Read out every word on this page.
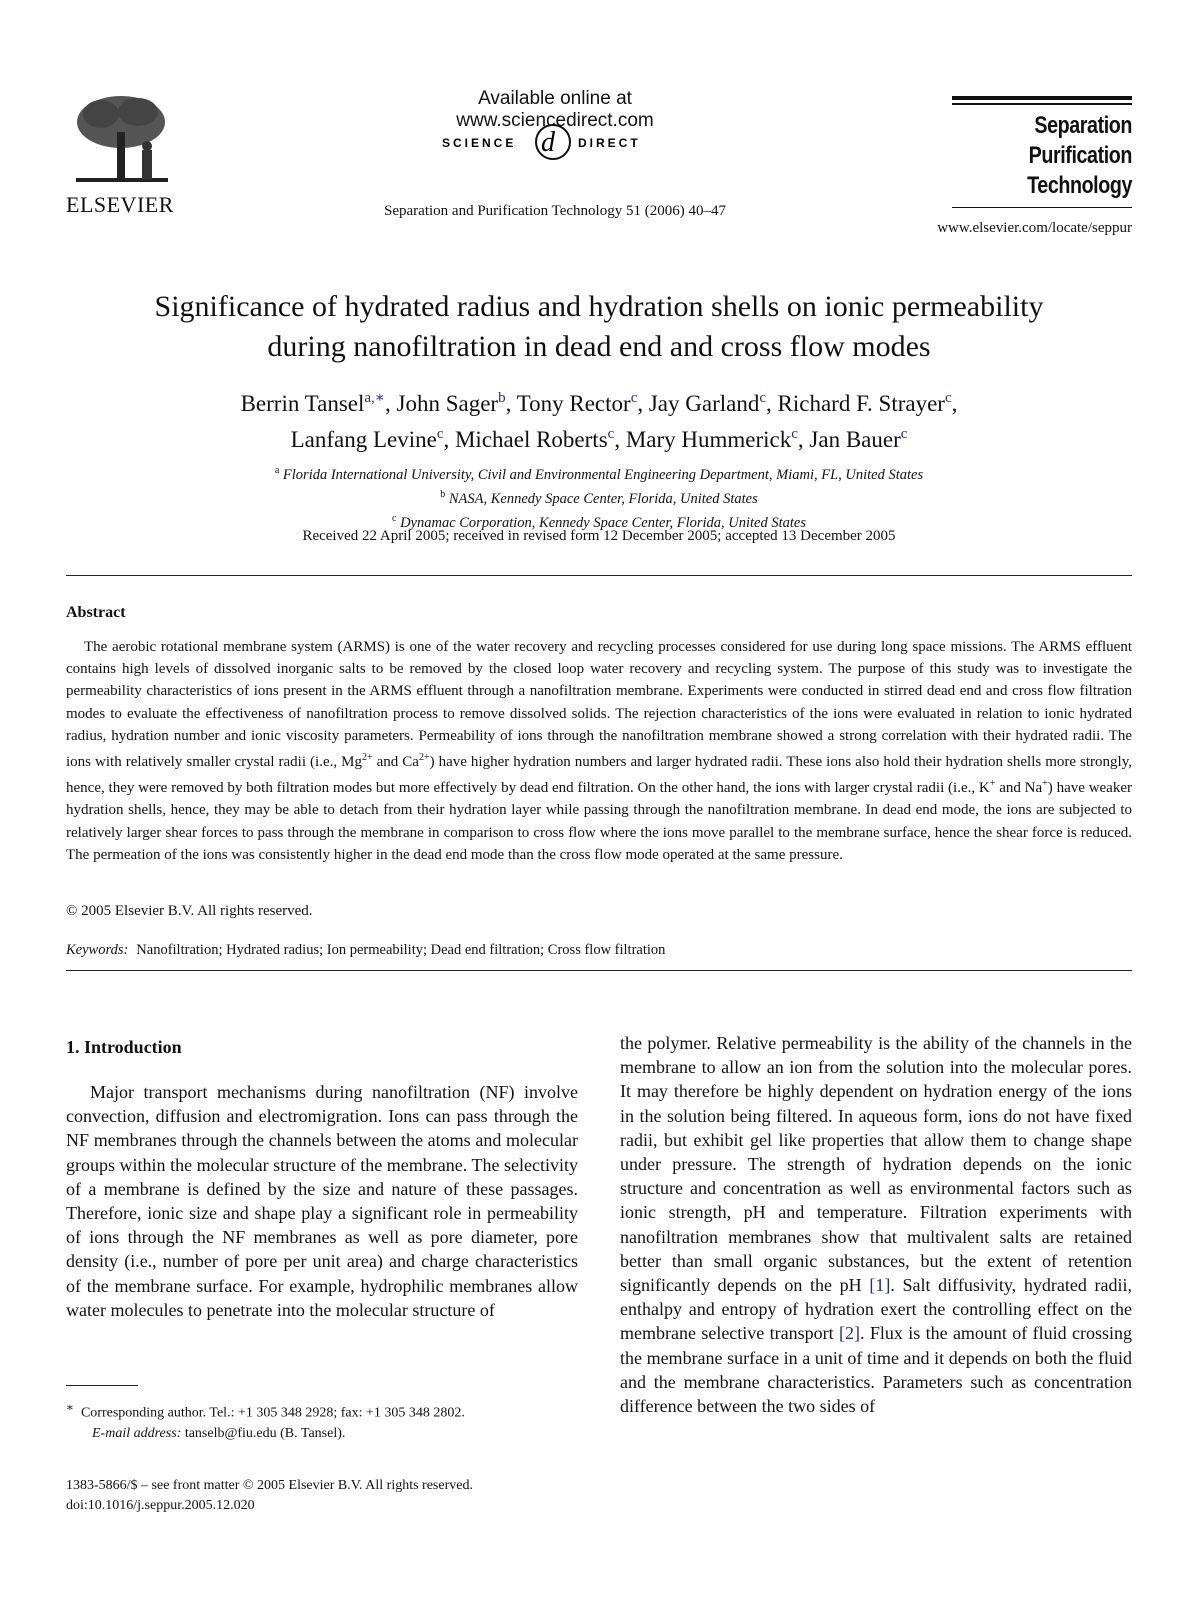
ELSEVIER
Available online at www.sciencedirect.com
SCIENCE d DIRECT
Separation and Purification Technology 51 (2006) 40–47
Separation
Purification
Technology
www.elsevier.com/locate/seppur
Significance of hydrated radius and hydration shells on ionic permeability
during nanofiltration in dead end and cross flow modes
Berrin Tansel$^{a,∗}$, John Sager$^b$, Tony Rector$^c$, Jay Garland$^c$, Richard F. Strayer$^c$,
Lanfang Levine$^c$, Michael Roberts$^c$, Mary Hummerick$^c$, Jan Bauer$^c$
$^a$ Florida International University, Civil and Environmental Engineering Department, Miami, FL, United States
$^b$ NASA, Kennedy Space Center, Florida, United States
$^c$ Dynamac Corporation, Kennedy Space Center, Florida, United States
Received 22 April 2005; received in revised form 12 December 2005; accepted 13 December 2005
Abstract
The aerobic rotational membrane system (ARMS) is one of the water recovery and recycling processes considered for use during long space missions. The ARMS effluent contains high levels of dissolved inorganic salts to be removed by the closed loop water recovery and recycling system. The purpose of this study was to investigate the permeability characteristics of ions present in the ARMS effluent through a nanofiltration membrane. Experiments were conducted in stirred dead end and cross flow filtration modes to evaluate the effectiveness of nanofiltration process to remove dissolved solids. The rejection characteristics of the ions were evaluated in relation to ionic hydrated radius, hydration number and ionic viscosity parameters. Permeability of ions through the nanofiltration membrane showed a strong correlation with their hydrated radii. The ions with relatively smaller crystal radii (i.e., $Mg^{2+}$ and $Ca^{2+}$) have higher hydration numbers and larger hydrated radii. These ions also hold their hydration shells more strongly, hence, they were removed by both filtration modes but more effectively by dead end filtration. On the other hand, the ions with larger crystal radii (i.e., K+ and Na+) have weaker hydration shells, hence, they may be able to detach from their hydration layer while passing through the nanofiltration membrane. In dead end mode, the ions are subjected to relatively larger shear forces to pass through the membrane in comparison to cross flow where the ions move parallel to the membrane surface, hence the shear force is reduced. The permeation of the ions was consistently higher in the dead end mode than the cross flow mode operated at the same pressure.
© 2005 Elsevier B.V. All rights reserved.
Keywords: Nanofiltration; Hydrated radius; Ion permeability; Dead end filtration; Cross flow filtration
1. Introduction
Major transport mechanisms during nanofiltration (NF) involve convection, diffusion and electromigration. Ions can pass through the NF membranes through the channels between the atoms and molecular groups within the molecular structure of the membrane. The selectivity of a membrane is defined by the size and nature of these passages. Therefore, ionic size and shape play a significant role in permeability of ions through the NF membranes as well as pore diameter, pore density (i.e., number of pore per unit area) and charge characteristics of the membrane surface. For example, hydrophilic membranes allow water molecules to penetrate into the molecular structure of
the polymer. Relative permeability is the ability of the channels in the membrane to allow an ion from the solution into the molecular pores. It may therefore be highly dependent on hydration energy of the ions in the solution being filtered. In aqueous form, ions do not have fixed radii, but exhibit gel like properties that allow them to change shape under pressure. The strength of hydration depends on the ionic structure and concentration as well as environmental factors such as ionic strength, pH and temperature. Filtration experiments with nanofiltration membranes show that multivalent salts are retained better than small organic substances, but the extent of retention significantly depends on the pH [1]. Salt diffusivity, hydrated radii, enthalpy and entropy of hydration exert the controlling effect on the membrane selective transport [2]. Flux is the amount of fluid crossing the membrane surface in a unit of time and it depends on both the fluid and the membrane characteristics. Parameters such as concentration difference between the two sides of
∗ Corresponding author. Tel.: +1 305 348 2928; fax: +1 305 348 2802.
E-mail address: tanselb@fiu.edu (B. Tansel).
1383-5866/$ – see front matter © 2005 Elsevier B.V. All rights reserved.
doi:10.1016/j.seppur.2005.12.020
